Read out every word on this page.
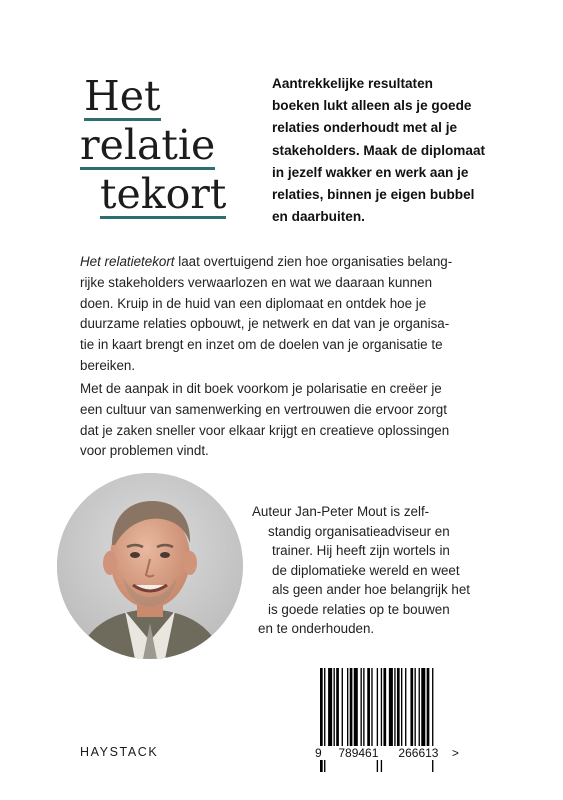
Het
relatie
tekort
Aantrekkelijke resultaten
boeken lukt alleen als je goede
relaties onderhoudt met al je
stakeholders. Maak de diplomaat
in jezelf wakker en werk aan je
relaties, binnen je eigen bubbel
en daarbuiten.
Het relatietekort laat overtuigend zien hoe organisaties belang-
rijke stakeholders verwaarlozen en wat we daaraan kunnen
doen. Kruip in de huid van een diplomaat en ontdek hoe je
duurzame relaties opbouwt, je netwerk en dat van je organisa-
tie in kaart brengt en inzet om de doelen van je organisatie te
bereiken.
Met de aanpak in dit boek voorkom je polarisatie en creëer je
een cultuur van samenwerking en vertrouwen die ervoor zorgt
dat je zaken sneller voor elkaar krijgt en creatieve oplossingen
voor problemen vindt.
Auteur Jan-Peter Mout is zelf-
standig organisatieadviseur en
trainer. Hij heeft zijn wortels in
de diplomatieke wereld en weet
als geen ander hoe belangrijk het
is goede relaties op te bouwen
en te onderhouden.
HAYSTACK	9 789461 266613 >
